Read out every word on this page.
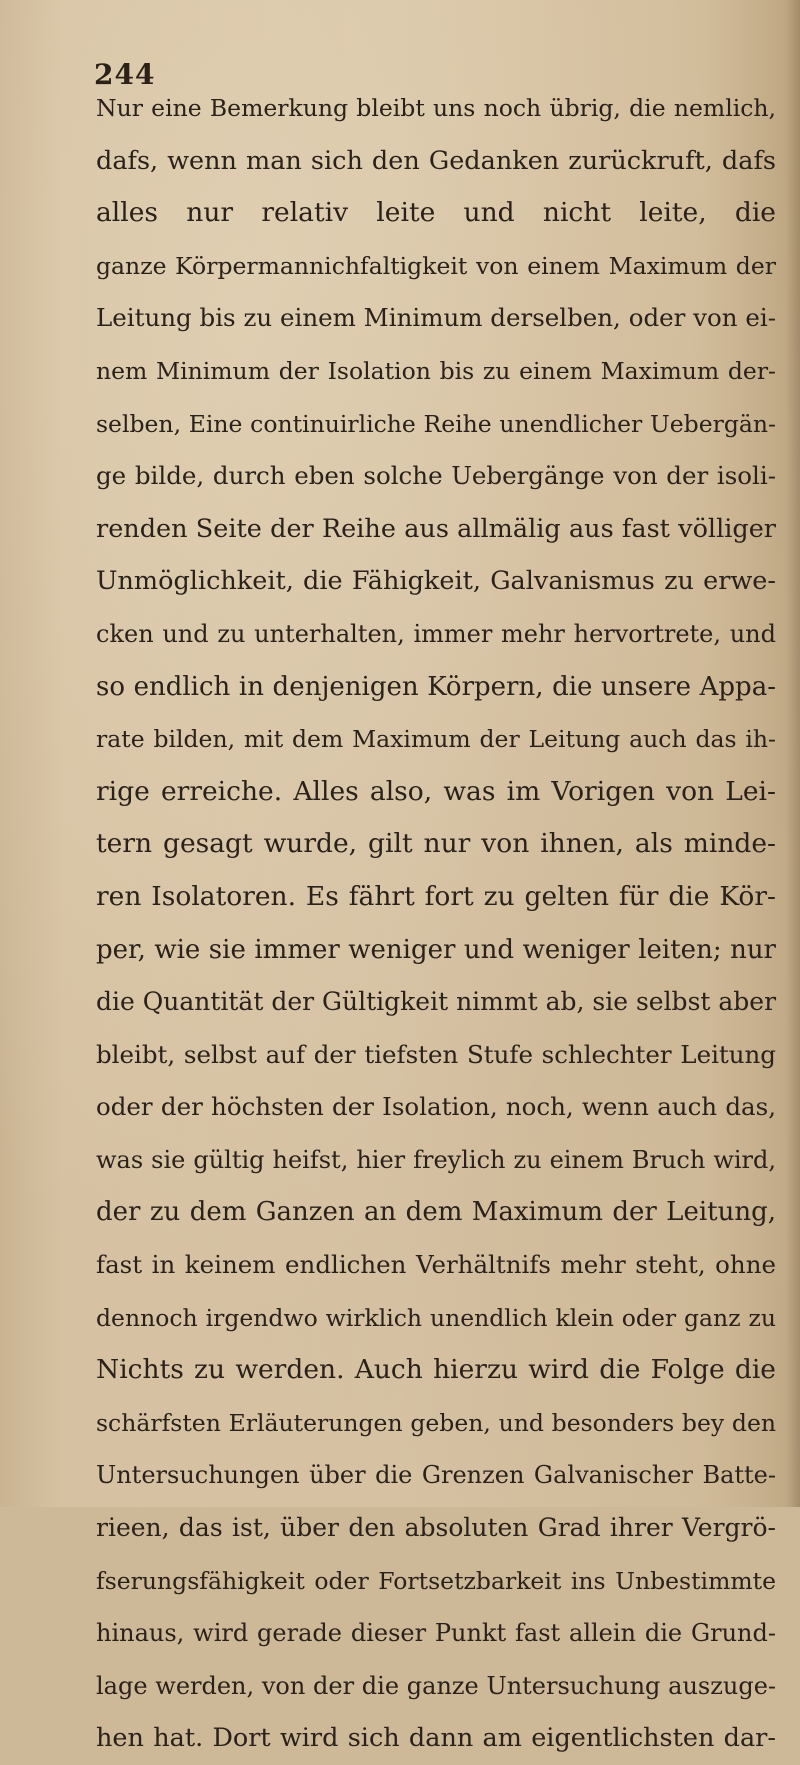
244
Nur eine Bemerkung bleibt uns noch übrig, die nemlich,
dafs, wenn man sich den Gedanken zurückruft, dafs
alles nur relativ leite und nicht leite, die
ganze Körpermannichfaltigkeit von einem Maximum der
Leitung bis zu einem Minimum derselben, oder von ei-
nem Minimum der Isolation bis zu einem Maximum der-
selben, Eine continuirliche Reihe unendlicher Uebergän-
ge bilde, durch eben solche Uebergänge von der isoli-
renden Seite der Reihe aus allmälig aus fast völliger
Unmöglichkeit, die Fähigkeit, Galvanismus zu erwe-
cken und zu unterhalten, immer mehr hervortrete, und
so endlich in denjenigen Körpern, die unsere Appa-
rate bilden, mit dem Maximum der Leitung auch das ih-
rige erreiche. Alles also, was im Vorigen von Lei-
tern gesagt wurde, gilt nur von ihnen, als minde-
ren Isolatoren. Es fährt fort zu gelten für die Kör-
per, wie sie immer weniger und weniger leiten; nur
die Quantität der Gültigkeit nimmt ab, sie selbst aber
bleibt, selbst auf der tiefsten Stufe schlechter Leitung
oder der höchsten der Isolation, noch, wenn auch das,
was sie gültig heifst, hier freylich zu einem Bruch wird,
der zu dem Ganzen an dem Maximum der Leitung,
fast in keinem endlichen Verhältnifs mehr steht, ohne
dennoch irgendwo wirklich unendlich klein oder ganz zu
Nichts zu werden. Auch hierzu wird die Folge die
schärfsten Erläuterungen geben, und besonders bey den
Untersuchungen über die Grenzen Galvanischer Batte-
rieen, das ist, über den absoluten Grad ihrer Vergrö-
fserungsfähigkeit oder Fortsetzbarkeit ins Unbestimmte
hinaus, wird gerade dieser Punkt fast allein die Grund-
lage werden, von der die ganze Untersuchung auszuge-
hen hat. Dort wird sich dann am eigentlichsten dar-
